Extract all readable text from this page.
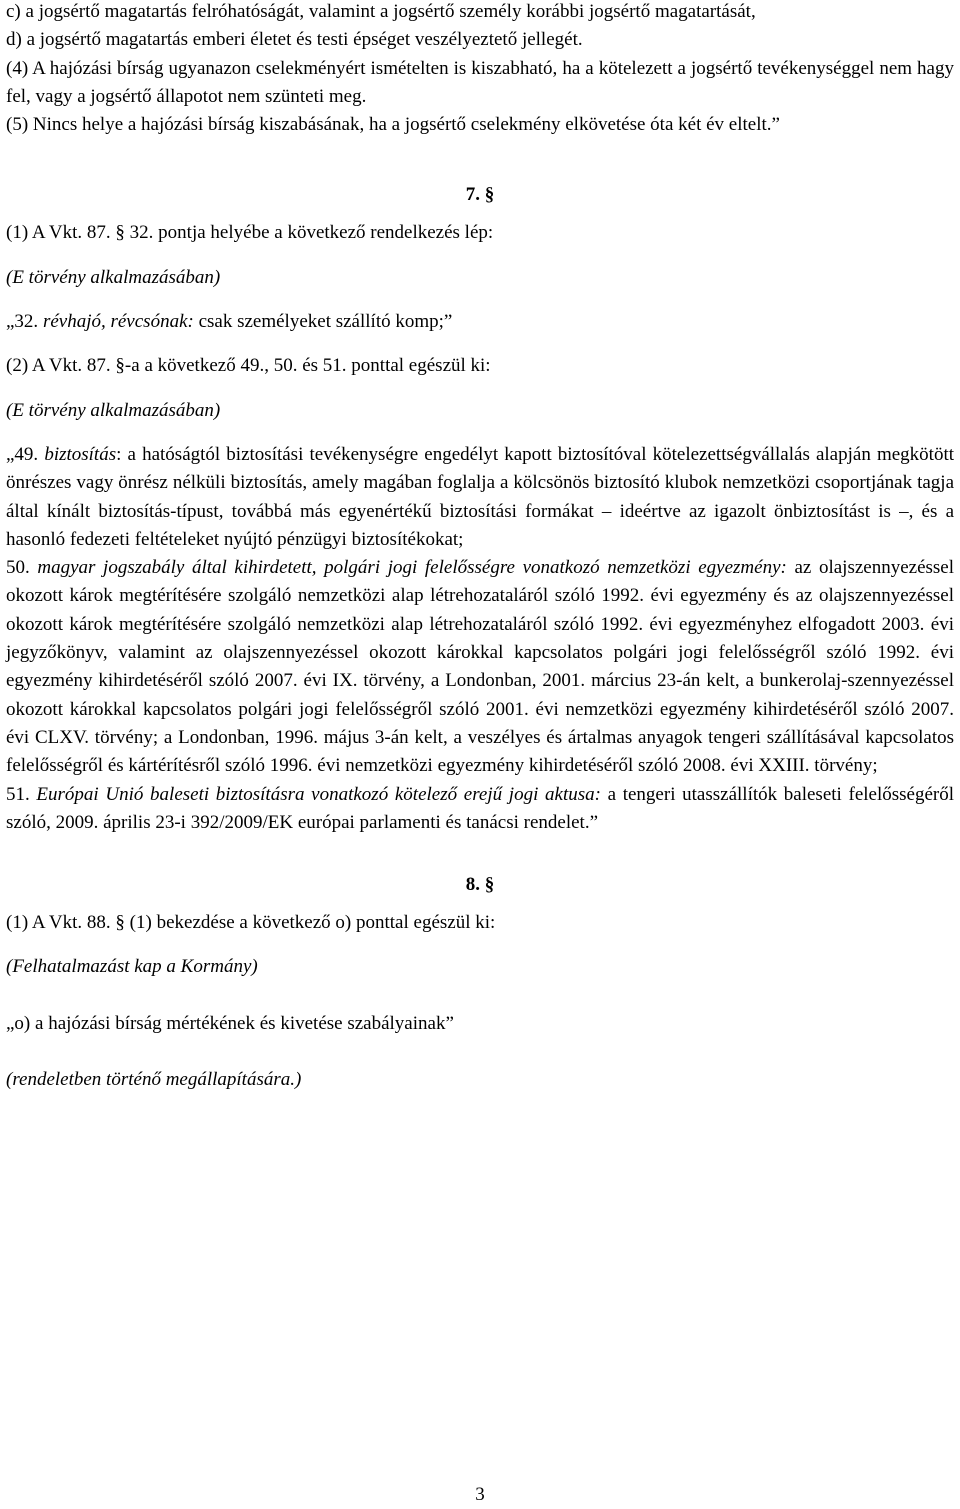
c) a jogsértő magatartás felróhatóságát, valamint a jogsértő személy korábbi jogsértő magatartását,

d) a jogsértő magatartás emberi életet és testi épséget veszélyeztető jellegét.

(4) A hajózási bírság ugyanazon cselekményért ismételten is kiszabható, ha a kötelezett a jogsértő tevékenységgel nem hagy fel, vagy a jogsértő állapotot nem szünteti meg.

(5) Nincs helye a hajózási bírság kiszabásának, ha a jogsértő cselekmény elkövetése óta két év eltelt.”

7. §

(1) A Vkt. 87. § 32. pontja helyébe a következő rendelkezés lép:

(E törvény alkalmazásában)

„32. révhajó, révcsónak: csak személyeket szállító komp;”

(2) A Vkt. 87. §-a a következő 49., 50. és 51. ponttal egészül ki:

(E törvény alkalmazásában)

„49. biztosítás: a hatóságtól biztosítási tevékenységre engedélyt kapott biztosítóval kötelezettségvállalás alapján megkötött önrészes vagy önrész nélküli biztosítás, amely magában foglalja a kölcsönös biztosító klubok nemzetközi csoportjának tagja által kínált biztosítás-típust, továbbá más egyenértékű biztosítási formákat – ideértve az igazolt önbiztosítást is –, és a hasonló fedezeti feltételeket nyújtó pénzügyi biztosítékokat;

50. magyar jogszabály által kihirdetett, polgári jogi felelősségre vonatkozó nemzetközi egyezmény: az olajszennyezéssel okozott károk megtérítésére szolgáló nemzetközi alap létrehozataláról szóló 1992. évi egyezmény és az olajszennyezéssel okozott károk megtérítésére szolgáló nemzetközi alap létrehozataláról szóló 1992. évi egyezményhez elfogadott 2003. évi jegyzőkönyv, valamint az olajszennyezéssel okozott károkkal kapcsolatos polgári jogi felelősségről szóló 1992. évi egyezmény kihirdetéséről szóló 2007. évi IX. törvény, a Londonban, 2001. március 23-án kelt, a bunkerolaj-szennyezéssel okozott károkkal kapcsolatos polgári jogi felelősségről szóló 2001. évi nemzetközi egyezmény kihirdetéséről szóló 2007. évi CLXV. törvény; a Londonban, 1996. május 3-án kelt, a veszélyes és ártalmas anyagok tengeri szállításával kapcsolatos felelősségről és kártérítésről szóló 1996. évi nemzetközi egyezmény kihirdetéséről szóló 2008. évi XXIII. törvény;

51. Európai Unió baleseti biztosításra vonatkozó kötelező erejű jogi aktusa: a tengeri utasszállítók baleseti felelősségéről szóló, 2009. április 23-i 392/2009/EK európai parlamenti és tanácsi rendelet.”

8. §

(1) A Vkt. 88. § (1) bekezdése a következő o) ponttal egészül ki:

(Felhatalmazást kap a Kormány)

„o) a hajózási bírság mértékének és kivetése szabályainak”

(rendeletben történő megállapítására.)

3
